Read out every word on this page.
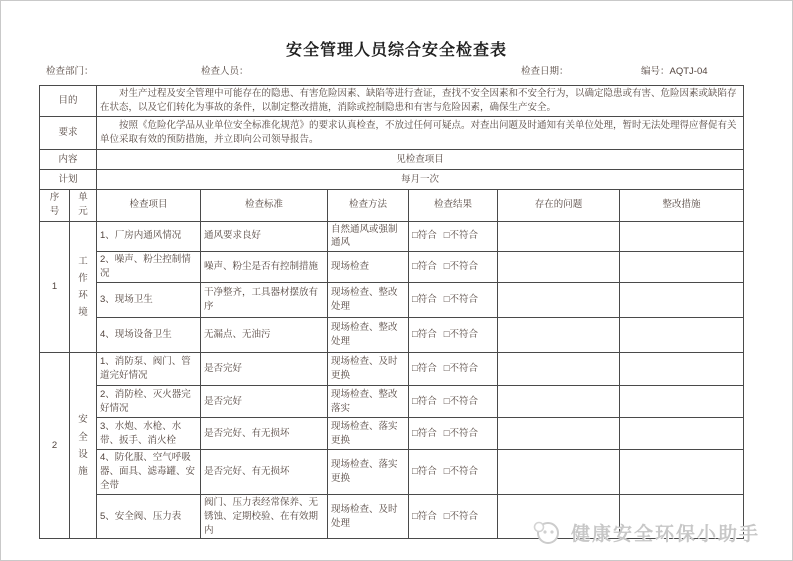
安全管理人员综合安全检查表
检查部门：	检查人员：	检查日期：	编号：AQTJ-04
目的		对生产过程及安全管理中可能存在的隐患、有害危险因素、缺陷等进行查证，查找不安全因素和不安全行为，以确定隐患或有害、危险因素或缺陷存在状态，以及它们转化为事故的条件，以制定整改措施，消除或控制隐患和有害与危险因素，确保生产安全。					
要求		按照《危险化学品从业单位安全标准化规范》的要求认真检查，不放过任何可疑点。对查出问题及时通知有关单位处理，暂时无法处理得应督促有关单位采取有效的预防措施，并立即向公司领导报告。					
内容		见检查项目					
计划		每月一次					
序号	单元	检查项目	检查标准	检查方法	检查结果	存在的问题	整改措施
1	工作环境	1、厂房内通风情况	通风要求良好	自然通风或强制通风	□符合 □不符合		
		2、噪声、粉尘控制情况	噪声、粉尘是否有控制措施	现场检查	□符合 □不符合		
		3、现场卫生	干净整齐，工具器材摆放有序	现场检查、整改处理	□符合 □不符合		
		4、现场设备卫生	无漏点、无油污	现场检查、整改处理	□符合 □不符合		
2	安全设施	1、消防泵、阀门、管道完好情况	是否完好	现场检查、及时更换	□符合 □不符合		
		2、消防栓、灭火器完好情况	是否完好	现场检查、整改落实	□符合 □不符合		
		3、水炮、水枪、水带、扳手、消火栓	是否完好、有无损坏	现场检查、落实更换	□符合 □不符合		
		4、防化服、空气呼吸器、面具、滤毒罐、安全带	是否完好、有无损坏	现场检查、落实更换	□符合 □不符合		
		5、安全阀、压力表	阀门、压力表经常保养、无锈蚀、定期校验、在有效期内	现场检查、及时处理	□符合 □不符合		
健康安全环保小助手
